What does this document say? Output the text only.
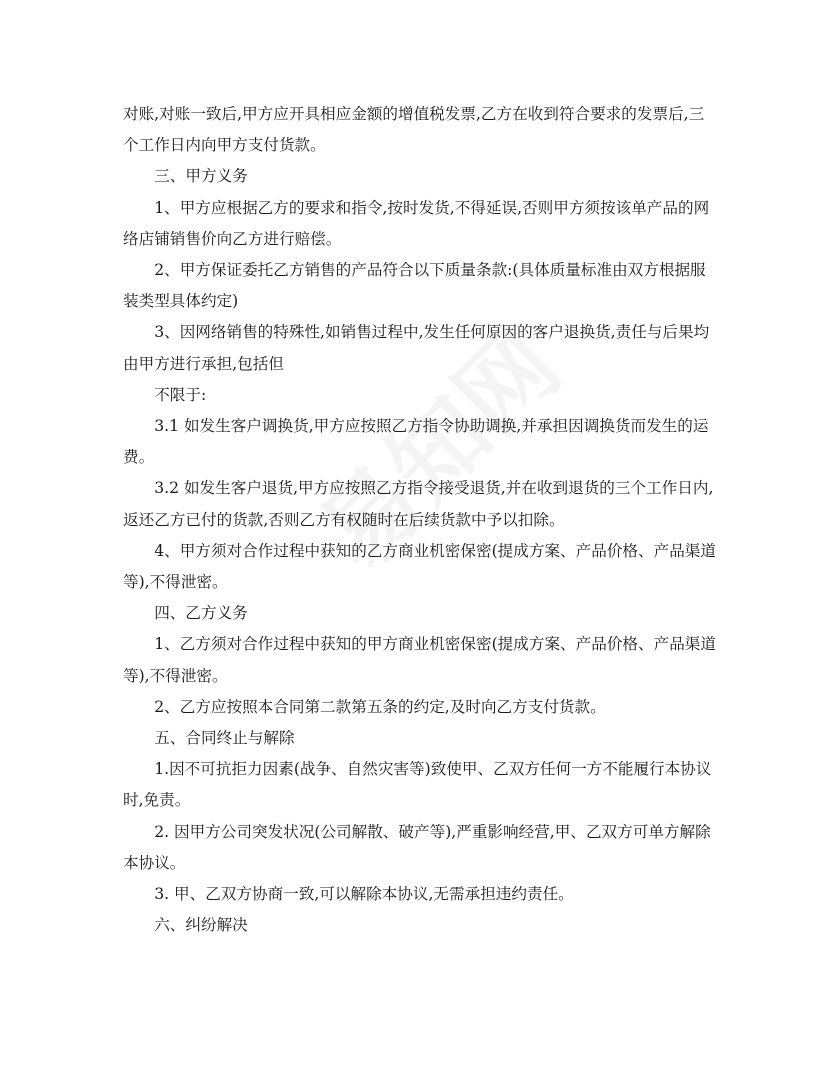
对账,对账一致后,甲方应开具相应金额的增值税发票,乙方在收到符合要求的发票后,三个工作日内向甲方支付货款。

三、甲方义务

1、甲方应根据乙方的要求和指令,按时发货,不得延误,否则甲方须按该单产品的网络店铺销售价向乙方进行赔偿。

2、甲方保证委托乙方销售的产品符合以下质量条款:(具体质量标准由双方根据服装类型具体约定)

3、因网络销售的特殊性,如销售过程中,发生任何原因的客户退换货,责任与后果均由甲方进行承担,包括但

不限于:

3.1 如发生客户调换货,甲方应按照乙方指令协助调换,并承担因调换货而发生的运费。

3.2 如发生客户退货,甲方应按照乙方指令接受退货,并在收到退货的三个工作日内,返还乙方已付的货款,否则乙方有权随时在后续货款中予以扣除。

4、甲方须对合作过程中获知的乙方商业机密保密(提成方案、产品价格、产品渠道等),不得泄密。

四、乙方义务

1、乙方须对合作过程中获知的甲方商业机密保密(提成方案、产品价格、产品渠道等),不得泄密。

2、乙方应按照本合同第二款第五条的约定,及时向乙方支付货款。

五、合同终止与解除

1.因不可抗拒力因素(战争、自然灾害等)致使甲、乙双方任何一方不能履行本协议时,免责。

2. 因甲方公司突发状况(公司解散、破产等),严重影响经营,甲、乙双方可单方解除本协议。

3. 甲、乙双方协商一致,可以解除本协议,无需承担违约责任。

六、纠纷解决
